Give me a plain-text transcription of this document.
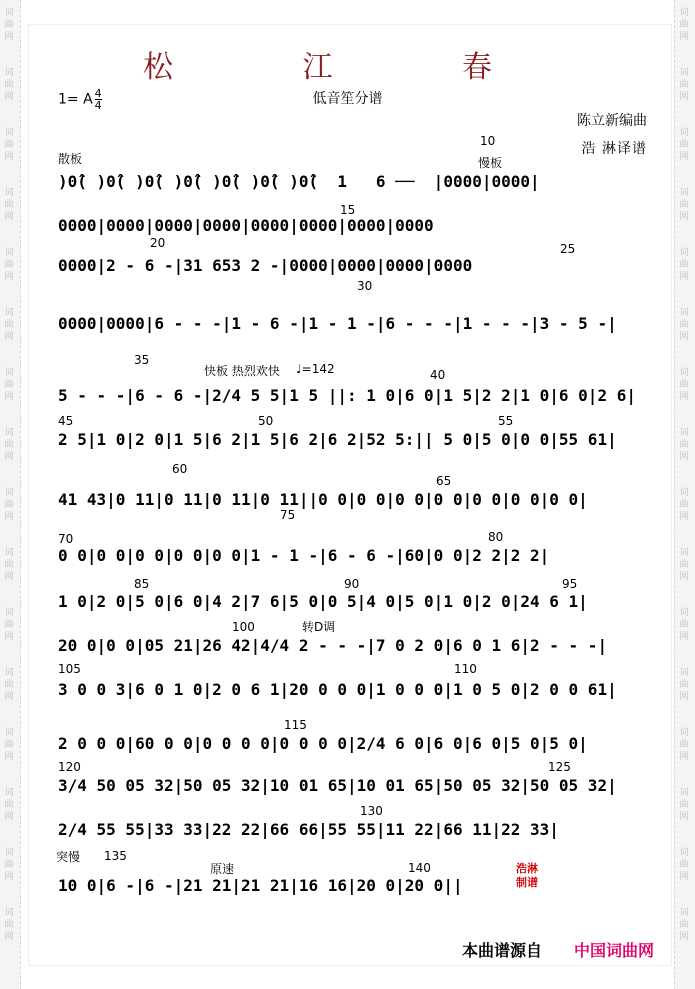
词
曲
网
词
曲
网
词
曲
网
词
曲
网
词
曲
网
词
曲
网
词
曲
网
词
曲
网
词
曲
网
词
曲
网
词
曲
网
词
曲
网
词
曲
网
词
曲
网
词
曲
网
词
曲
网
词
曲
网
词
曲
网
词
曲
网
词
曲
网
词
曲
网
词
曲
网
词
曲
网
词
曲
网
词
曲
网
词
曲
网
词
曲
网
词
曲
网
词
曲
网
词
曲
网
词
曲
网
词
曲
网
松 江 春
1= A $\frac{4}{4}$	低音笙分谱
陈立新编曲
浩 淋译谱
散板	慢板
快板 热烈欢快 ♩=142
转D调
突慢
原速
10
15
20	25
30
35
40
45	50	55
60
65
70
75
80
85	90	95
100
105	110
115
120	125
130
135
140
)0̂( )0̂( )0̂( )0̂( )0̂( )0̂( )0̂(  1   6 ──  |0000|0000|
0000|0000|0000|0000|0000|0000|0000|0000
0000|2 - 6 -|31 653 2 -|0000|0000|0000|0000
0000|0000|6 - - -|1 - 6 -|1 - 1 -|6 - - -|1 - - -|3 - 5 -|
5 - - -|6 - 6 -|2/4 5 5|1 5 ||: 1 0|6 0|1 5|2 2|1 0|6 0|2 6|
2 5|1 0|2 0|1 5|6 2|1 5|6 2|6 2|52 5:|| 5 0|5 0|0 0|55 61|
41 43|0 11|0 11|0 11|0 11||0 0|0 0|0 0|0 0|0 0|0 0|0 0|
0 0|0 0|0 0|0 0|0 0|1 - 1 -|6 - 6 -|60|0 0|2 2|2 2|
1 0|2 0|5 0|6 0|4 2|7 6|5 0|0 5|4 0|5 0|1 0|2 0|24 6 1|
20 0|0 0|05 21|26 42|4/4 2 - - -|7 0 2 0|6 0 1 6|2 - - -|
3 0 0 3|6 0 1 0|2 0 6 1|20 0 0 0|1 0 0 0|1 0 5 0|2 0 0 61|
2 0 0 0|60 0 0|0 0 0 0|0 0 0 0|2/4 6 0|6 0|6 0|5 0|5 0|
3/4 50 05 32|50 05 32|10 01 65|10 01 65|50 05 32|50 05 32|
2/4 55 55|33 33|22 22|66 66|55 55|11 22|66 11|22 33|
10 0|6 -|6 -|21 21|21 21|16 16|20 0|20 0||
浩淋制谱
本曲谱源自 中国词曲网
